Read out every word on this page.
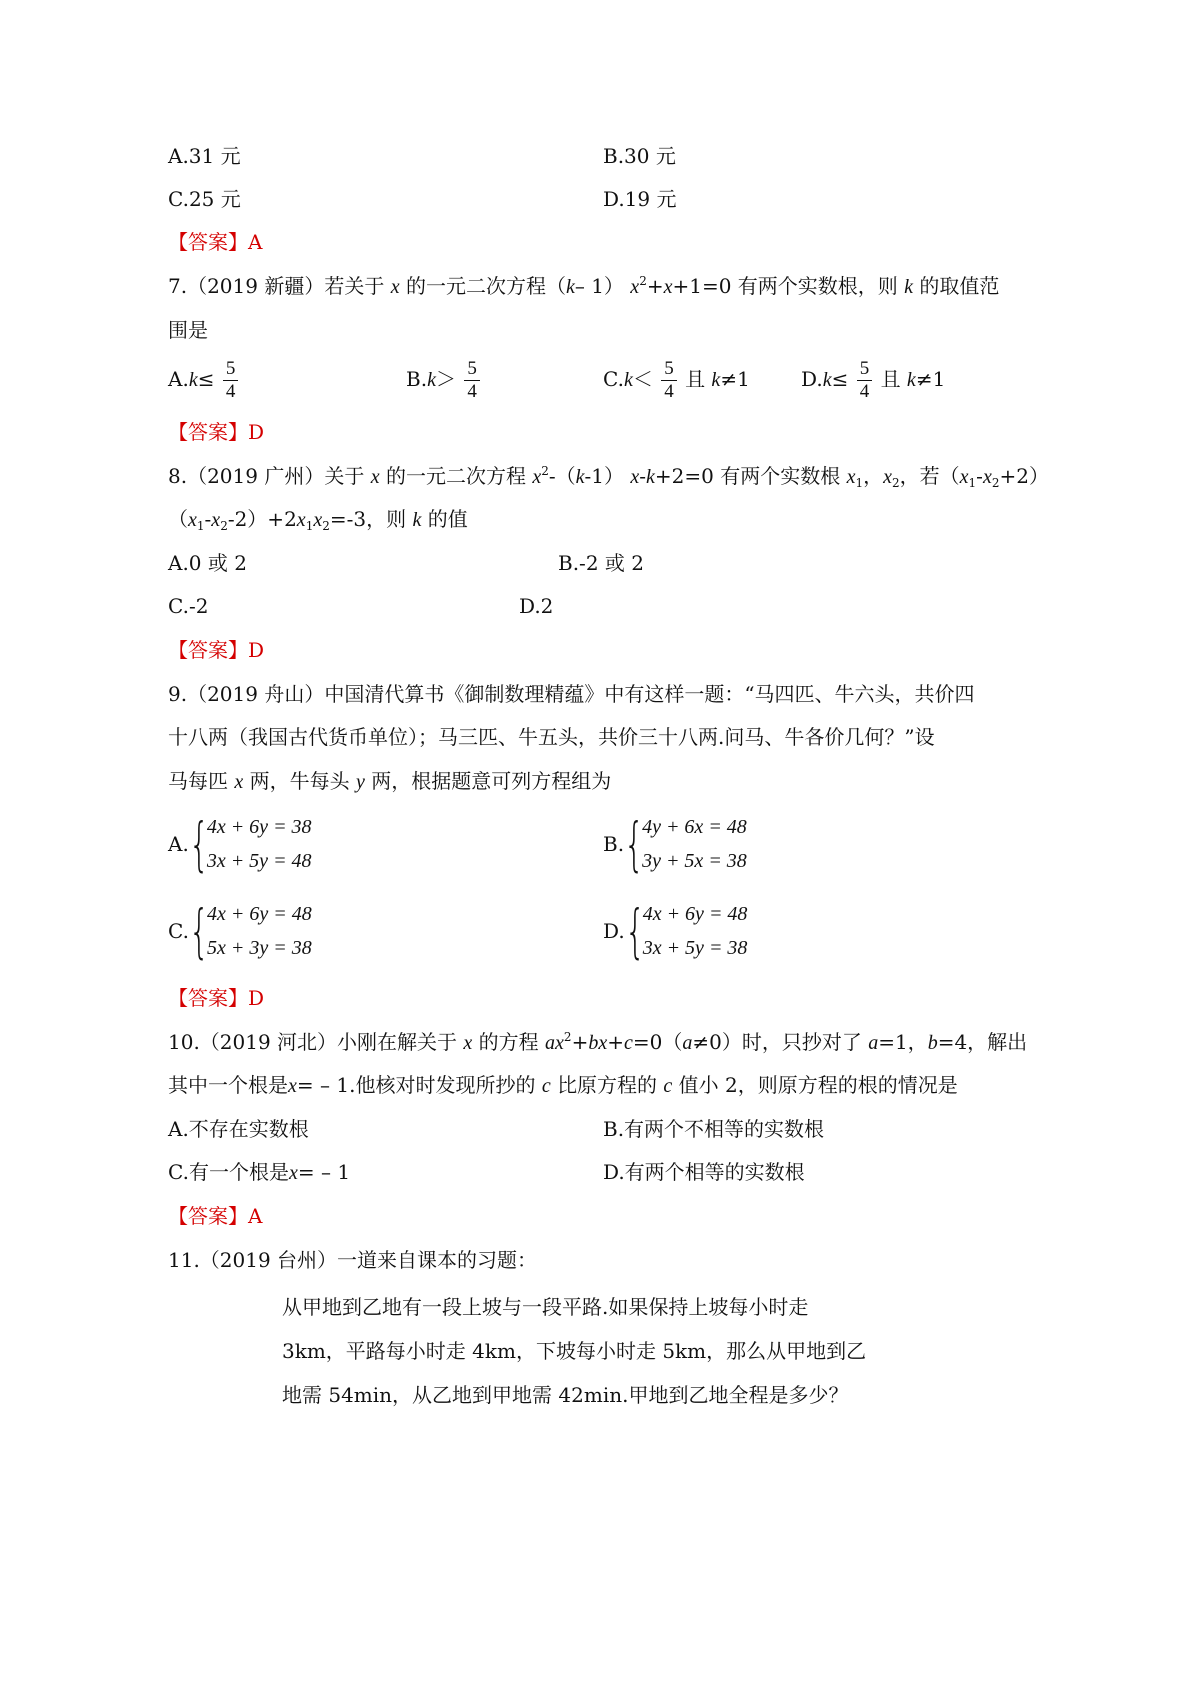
A.31 元	B.30 元
C.25 元	D.19 元
【答案】A
7.（2019 新疆）若关于 x 的一元二次方程（k– 1） $x^2+x+1=0$ 有两个实数根，则 k 的取值范
围是
$A.k\le \frac{5}{4}$	$B.k> \frac{5}{4}$	$C.k< \frac{5}{4}$ 且 k≠1	$D.k\le \frac{5}{4}$ 且 k≠1
【答案】D
8.（2019 广州）关于 x 的一元二次方程 $x^2-(k-1)$ x-k+2=0 有两个实数根 $x_1$，$x_2$，若$(x_1-x_2+2)$
$(x_1-x_2-2)+2x_1x_2=-3$，则 k 的值
A.0 或 2	B.-2 或 2
C.-2	D.2
【答案】D
9.（2019 舟山）中国清代算书《御制数理精蕴》中有这样一题：“马四匹、牛六头，共价四
十八两（我国古代货币单位）；马三匹、牛五头，共价三十八两.问马、牛各价几何？”设
马每匹 x 两，牛每头 y 两，根据题意可列方程组为
A. {
4x + 6y = 38
3x + 5y = 48
B. {
4y + 6x = 48
3y + 5x = 38
C. {
4x + 6y = 48
5x + 3y = 38
D. {
4x + 6y = 48
3x + 5y = 38
【答案】D
10.（2019 河北）小刚在解关于 x 的方程 $ax^2+bx+c=0(a\ne 0)$时，只抄对了 a=1，b=4，解出
其中一个根是x= – 1.他核对时发现所抄的 c 比原方程的 c 值小 2，则原方程的根的情况是
A.不存在实数根	B.有两个不相等的实数根
C.有一个根是x= – 1	D.有两个相等的实数根
【答案】A
11.（2019 台州）一道来自课本的习题：
从甲地到乙地有一段上坡与一段平路.如果保持上坡每小时走
3km，平路每小时走 4km，下坡每小时走 5km，那么从甲地到乙
地需 54min，从乙地到甲地需 42min.甲地到乙地全程是多少？
